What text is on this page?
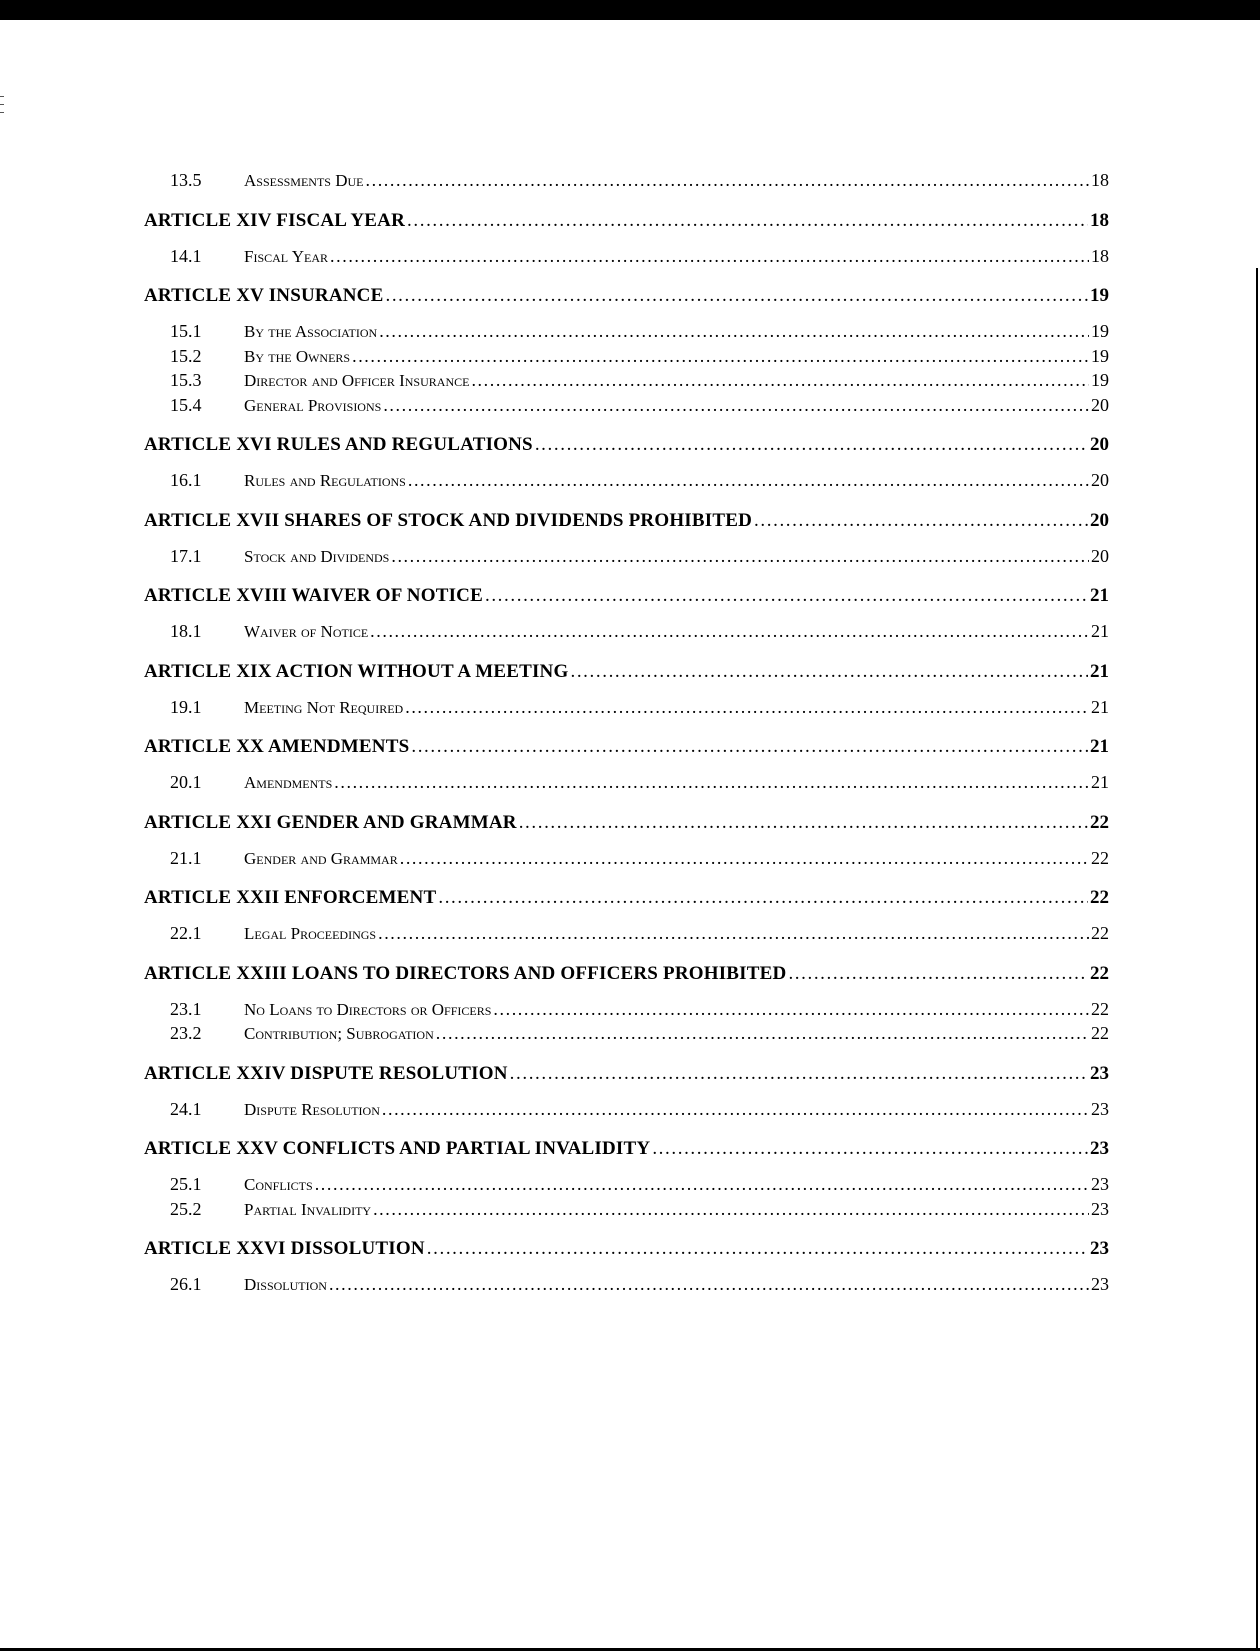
13.5	Assessments Due .....	18
ARTICLE XIV FISCAL YEAR .....	18
14.1	Fiscal Year .....	18
ARTICLE XV INSURANCE .....	19
15.1	By the Association .....	19
15.2	By the Owners .....	19
15.3	Director and Officer Insurance .....	19
15.4	General Provisions .....	20
ARTICLE XVI RULES AND REGULATIONS .....	20
16.1	Rules and Regulations .....	20
ARTICLE XVII SHARES OF STOCK AND DIVIDENDS PROHIBITED .....	20
17.1	Stock and Dividends .....	20
ARTICLE XVIII WAIVER OF NOTICE .....	21
18.1	Waiver of Notice .....	21
ARTICLE XIX ACTION WITHOUT A MEETING .....	21
19.1	Meeting Not Required .....	21
ARTICLE XX AMENDMENTS .....	21
20.1	Amendments .....	21
ARTICLE XXI GENDER AND GRAMMAR .....	22
21.1	Gender and Grammar .....	22
ARTICLE XXII ENFORCEMENT .....	22
22.1	Legal Proceedings .....	22
ARTICLE XXIII LOANS TO DIRECTORS AND OFFICERS PROHIBITED .....	22
23.1	No Loans to Directors or Officers .....	22
23.2	Contribution; Subrogation .....	22
ARTICLE XXIV DISPUTE RESOLUTION .....	23
24.1	Dispute Resolution .....	23
ARTICLE XXV CONFLICTS AND PARTIAL INVALIDITY .....	23
25.1	Conflicts .....	23
25.2	Partial Invalidity .....	23
ARTICLE XXVI DISSOLUTION .....	23
26.1	Dissolution .....	23
